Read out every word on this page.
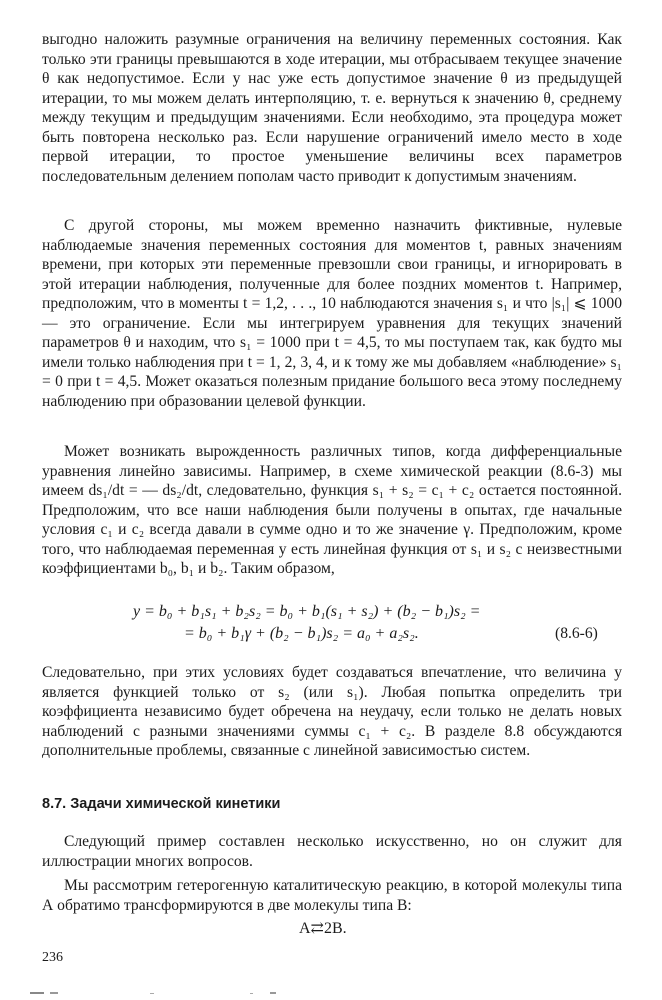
выгодно наложить разумные ограничения на величину переменных состояния. Как только эти границы превышаются в ходе итерации, мы отбрасываем текущее значение θ как недопустимое. Если у нас уже есть допустимое значение θ из предыдущей итерации, то мы можем делать интерполяцию, т. е. вернуться к значению θ, среднему между текущим и предыдущим значениями. Если необходимо, эта процедура может быть повторена несколько раз. Если нарушение ограничений имело место в ходе первой итерации, то простое уменьшение величины всех параметров последовательным делением пополам часто приводит к допустимым значениям.

С другой стороны, мы можем временно назначить фиктивные, нулевые наблюдаемые значения переменных состояния для моментов t, равных значениям времени, при которых эти переменные превзошли свои границы, и игнорировать в этой итерации наблюдения, полученные для более поздних моментов t. Например, предположим, что в моменты t = 1,2, . . ., 10 наблюдаются значения s₁ и что |s₁| ⩽ 1000 — это ограничение. Если мы интегрируем уравнения для текущих значений параметров θ и находим, что s₁ = 1000 при t = 4,5, то мы поступаем так, как будто мы имели только наблюдения при t = 1, 2, 3, 4, и к тому же мы добавляем «наблюдение» s₁ = 0 при t = 4,5. Может оказаться полезным придание большого веса этому последнему наблюдению при образовании целевой функции.

Может возникать вырожденность различных типов, когда дифференциальные уравнения линейно зависимы. Например, в схеме химической реакции (8.6-3) мы имеем ds₁/dt = — ds₂/dt, следовательно, функция s₁ + s₂ = c₁ + c₂ остается постоянной. Предположим, что все наши наблюдения были получены в опытах, где начальные условия c₁ и c₂ всегда давали в сумме одно и то же значение γ. Предположим, кроме того, что наблюдаемая переменная y есть линейная функция от s₁ и s₂ с неизвестными коэффициентами b₀, b₁ и b₂. Таким образом,

y = b₀ + b₁s₁ + b₂s₂ = b₀ + b₁(s₁ + s₂) + (b₂ − b₁)s₂ =
= b₀ + b₁γ + (b₂ − b₁)s₂ = a₀ + a₂s₂.	(8.6-6)

Следовательно, при этих условиях будет создаваться впечатление, что величина y является функцией только от s₂ (или s₁). Любая попытка определить три коэффициента независимо будет обречена на неудачу, если только не делать новых наблюдений с разными значениями суммы c₁ + c₂. В разделе 8.8 обсуждаются дополнительные проблемы, связанные с линейной зависимостью систем.

8.7. Задачи химической кинетики

Следующий пример составлен несколько искусственно, но он служит для иллюстрации многих вопросов.

Мы рассмотрим гетерогенную каталитическую реакцию, в которой молекулы типа А обратимо трансформируются в две молекулы типа В:

A⇄2B.
236
